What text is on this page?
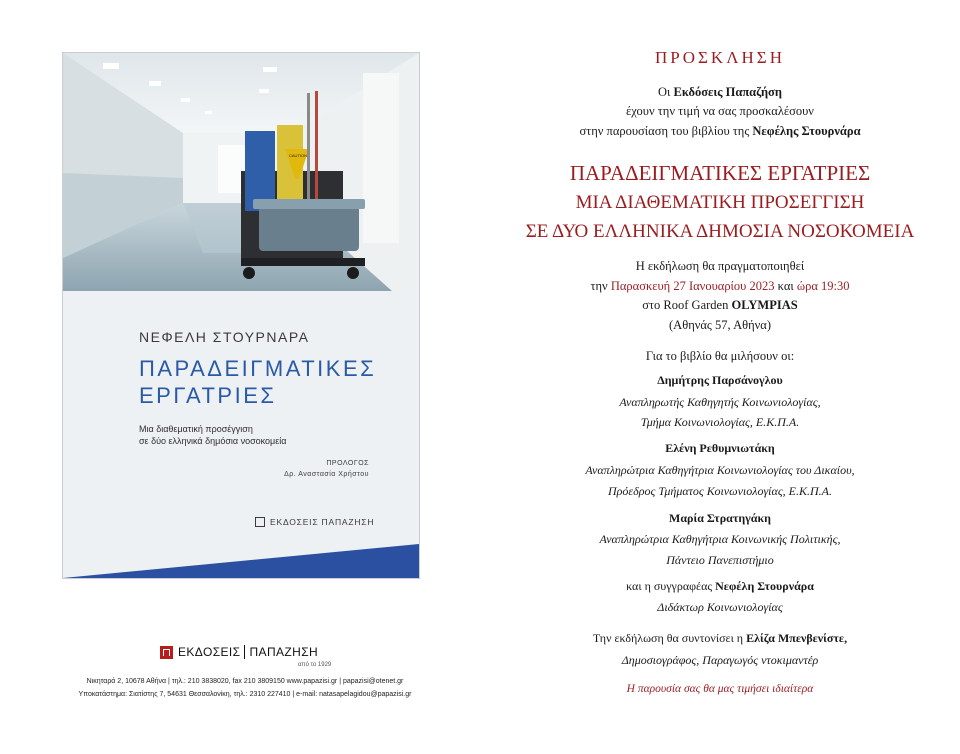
CAUTION
ΝΕΦΕΛΗ ΣΤΟΥΡΝΑΡΑ
ΠΑΡΑΔΕΙΓΜΑΤΙΚΕΣ
ΕΡΓΑΤΡΙΕΣ
Μια διαθεματική προσέγγιση
σε δύο ελληνικά δημόσια νοσοκομεία
ΠΡΟΛΟΓΟΣ
Δρ. Αναστασία Χρήστου
ΕΚΔΟΣΕΙΣ ΠΑΠΑΖΗΣΗ
ΕΚΔΟΣΕΙΣ ΠΑΠΑΖΗΣΗ
από το 1929
Νικηταρά 2, 10678 Αθήνα | τηλ.: 210 3838020, fax 210 3809150 www.papazisi.gr | papazisi@otenet.gr
Υποκατάστημα: Σιατίστης 7, 54631 Θεσσαλονίκη, τηλ.: 2310 227410 | e-mail: natasapelagidou@papazisi.gr
ΠΡΟΣΚΛΗΣΗ
Οι Εκδόσεις Παπαζήση
έχουν την τιμή να σας προσκαλέσουν
στην παρουσίαση του βιβλίου της Νεφέλης Στουρνάρα
ΠΑΡΑΔΕΙΓΜΑΤΙΚΕΣ ΕΡΓΑΤΡΙΕΣ
ΜΙΑ ΔΙΑΘΕΜΑΤΙΚΗ ΠΡΟΣΕΓΓΙΣΗ
ΣΕ ΔΥΟ ΕΛΛΗΝΙΚΑ ΔΗΜΟΣΙΑ ΝΟΣΟΚΟΜΕΙΑ
Η εκδήλωση θα πραγματοποιηθεί
την Παρασκευή 27 Ιανουαρίου 2023 και ώρα 19:30
στο Roof Garden OLYMPIAS
(Αθηνάς 57, Αθήνα)
Για το βιβλίο θα μιλήσουν οι:
Δημήτρης Παρσάνογλου
Αναπληρωτής Καθηγητής Κοινωνιολογίας,
Τμήμα Κοινωνιολογίας, Ε.Κ.Π.Α.
Ελένη Ρεθυμνιωτάκη
Αναπληρώτρια Καθηγήτρια Κοινωνιολογίας του Δικαίου,
Πρόεδρος Τμήματος Κοινωνιολογίας, Ε.Κ.Π.Α.
Μαρία Στρατηγάκη
Αναπληρώτρια Καθηγήτρια Κοινωνικής Πολιτικής,
Πάντειο Πανεπιστήμιο
και η συγγραφέας Νεφέλη Στουρνάρα
Διδάκτωρ Κοινωνιολογίας
Την εκδήλωση θα συντονίσει η Ελίζα Μπενβενίστε,
Δημοσιογράφος, Παραγωγός ντοκιμαντέρ
Η παρουσία σας θα μας τιμήσει ιδιαίτερα
